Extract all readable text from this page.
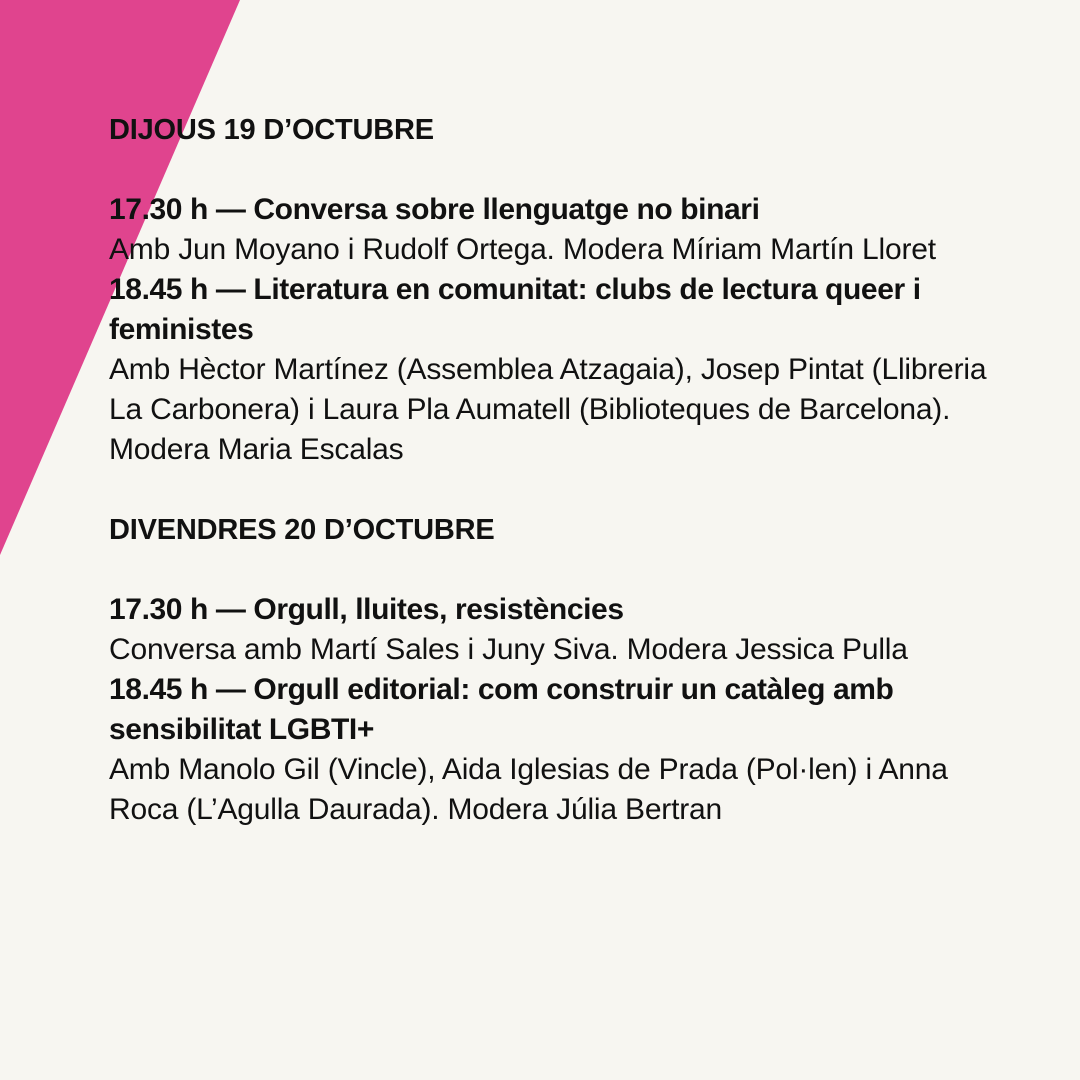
DIJOUS 19 D’OCTUBRE

17.30 h — Conversa sobre llenguatge no binari

Amb Jun Moyano i Rudolf Ortega. Modera Míriam Martín Lloret

18.45 h — Literatura en comunitat: clubs de lectura queer i feministes

Amb Hèctor Martínez (Assemblea Atzagaia), Josep Pintat (Llibreria La Carbonera) i Laura Pla Aumatell (Biblioteques de Barcelona). Modera Maria Escalas

DIVENDRES 20 D’OCTUBRE

17.30 h — Orgull, lluites, resistències

Conversa amb Martí Sales i Juny Siva. Modera Jessica Pulla

18.45 h — Orgull editorial: com construir un catàleg amb sensibilitat LGBTI+

Amb Manolo Gil (Vincle), Aida Iglesias de Prada (Pol·len) i Anna Roca (L’Agulla Daurada). Modera Júlia Bertran
